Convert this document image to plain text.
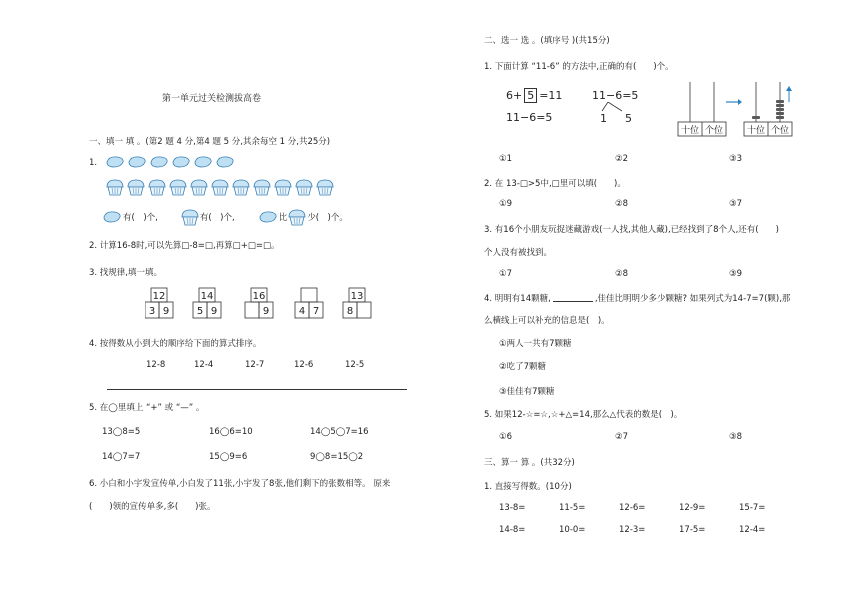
第一单元过关检测拔高卷
一、填一 填 。(第2 题 4 分,第4 题 5 分,其余每空 1 分,共25分)
1.
有(　)个,	有(　)个,	比 少(　)个。
2. 计算16-8时,可以先算□-8=□,再算□+□=□。
3. 找规律,填一填。
12
3 9
14
5 9
16
9	4 7
13
8
4. 按得数从小到大的顺序给下面的算式排序。
12-8	12-4	12-7	12-6	12-5
5. 在◯里填上 “+” 或 “—” 。
13◯8=5	16◯6=10	14◯5◯7=16
14◯7=7	15◯9=6	9◯8=15◯2
6. 小白和小宇发宣传单,小白发了11张,小宇发了8张,他们剩下的张数相等。 原来
(　　)领的宣传单多,多(　　)张。
二、选一 选 。(填序号 )(共15分)
1. 下面计算 “11-6” 的方法中,正确的有(　　)个。
6+ 5 =11
11−6=5
11−6=5
1 5
十位 个位	十位 个位
①1	②2	③3
2. 在 13-□>5中,□里可以填(　　)。
①9	②8	③7
3. 有16个小朋友玩捉迷藏游戏(一人找,其他人藏),已经找到了8个人,还有(　　)
个人没有被找到。
①7	②8	③9
4. 明明有14颗糖,	,佳佳比明明少多少颗糖? 如果列式为14-7=7(颗),那
么横线上可以补充的信息是(　)。
①两人一共有7颗糖
②吃了7颗糖
③佳佳有7颗糖
5. 如果12-☆=☆,☆+△=14,那么△代表的数是(　)。
①6	②7	③8
三、算一 算 。(共32分)
1. 直接写得数。(10分)
13-8=	11-5=	12-6=	12-9=	15-7=
14-8=	10-0=	12-3=	17-5=	12-4=
